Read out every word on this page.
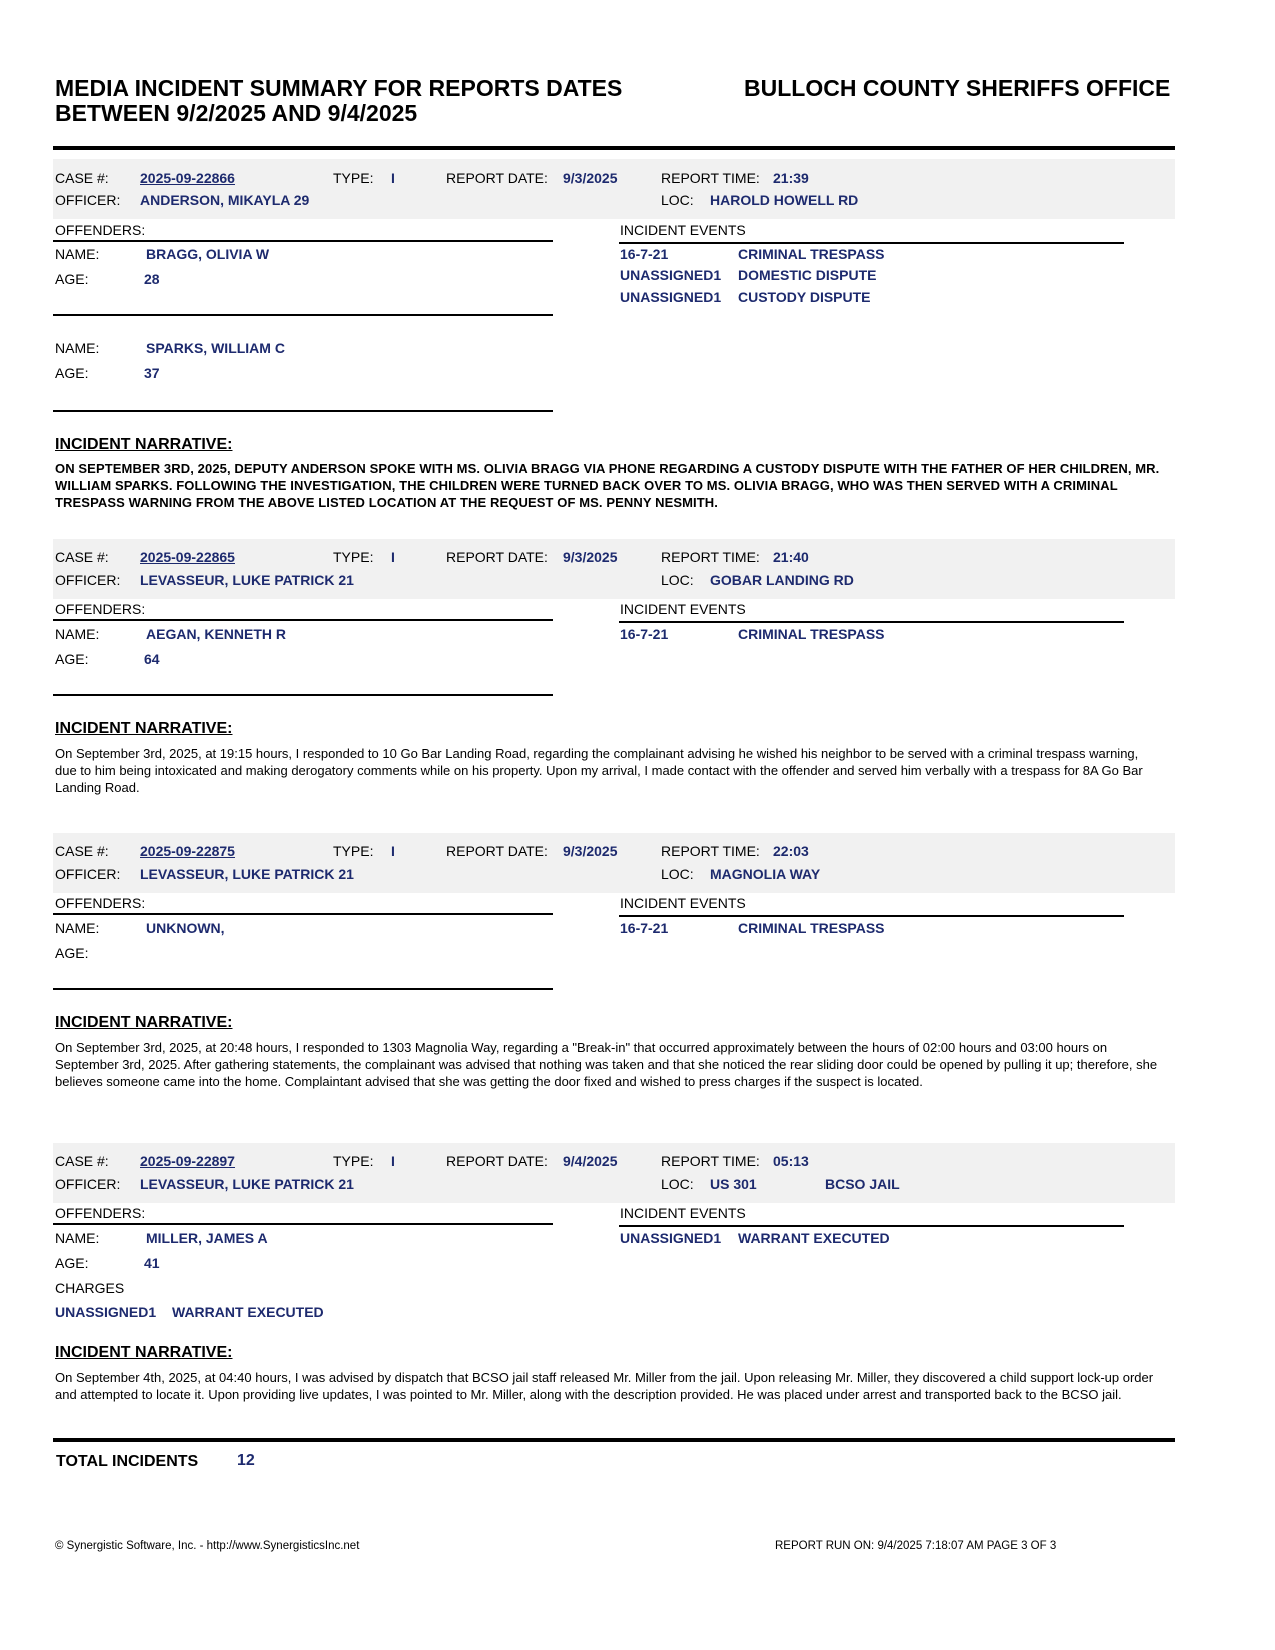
MEDIA INCIDENT SUMMARY FOR REPORTS DATES
BETWEEN 9/2/2025 AND 9/4/2025
BULLOCH COUNTY SHERIFFS OFFICE
CASE #: 2025-09-22866	TYPE: I	REPORT DATE: 9/3/2025	REPORT TIME: 21:39
OFFICER: ANDERSON, MIKAYLA 29	LOC: HAROLD HOWELL RD
OFFENDERS:	INCIDENT EVENTS
NAME:	BRAGG, OLIVIA W
AGE:	28
NAME:	SPARKS, WILLIAM C
AGE:	37
16-7-21	CRIMINAL TRESPASS
UNASSIGNED1 DOMESTIC DISPUTE
UNASSIGNED1 CUSTODY DISPUTE
INCIDENT NARRATIVE:
ON SEPTEMBER 3RD, 2025, DEPUTY ANDERSON SPOKE WITH MS. OLIVIA BRAGG VIA PHONE REGARDING A CUSTODY DISPUTE WITH THE FATHER OF HER CHILDREN, MR. WILLIAM SPARKS. FOLLOWING THE INVESTIGATION, THE CHILDREN WERE TURNED BACK OVER TO MS. OLIVIA BRAGG, WHO WAS THEN SERVED WITH A CRIMINAL TRESPASS WARNING FROM THE ABOVE LISTED LOCATION AT THE REQUEST OF MS. PENNY NESMITH.
CASE #: 2025-09-22865	TYPE: I	REPORT DATE: 9/3/2025	REPORT TIME: 21:40
OFFICER: LEVASSEUR, LUKE PATRICK 21	LOC: GOBAR LANDING RD
OFFENDERS:	INCIDENT EVENTS
NAME:	AEGAN, KENNETH R
AGE:	64
16-7-21	CRIMINAL TRESPASS
INCIDENT NARRATIVE:
On September 3rd, 2025, at 19:15 hours, I responded to 10 Go Bar Landing Road, regarding the complainant advising he wished his neighbor to be served with a criminal trespass warning, due to him being intoxicated and making derogatory comments while on his property. Upon my arrival, I made contact with the offender and served him verbally with a trespass for 8A Go Bar Landing Road.
CASE #: 2025-09-22875	TYPE: I	REPORT DATE: 9/3/2025	REPORT TIME: 22:03
OFFICER: LEVASSEUR, LUKE PATRICK 21	LOC: MAGNOLIA WAY
OFFENDERS:	INCIDENT EVENTS
NAME:	UNKNOWN,
AGE:
16-7-21	CRIMINAL TRESPASS
INCIDENT NARRATIVE:
On September 3rd, 2025, at 20:48 hours, I responded to 1303 Magnolia Way, regarding a "Break-in" that occurred approximately between the hours of 02:00 hours and 03:00 hours on September 3rd, 2025. After gathering statements, the complainant was advised that nothing was taken and that she noticed the rear sliding door could be opened by pulling it up; therefore, she believes someone came into the home. Complaintant advised that she was getting the door fixed and wished to press charges if the suspect is located.
CASE #: 2025-09-22897	TYPE: I	REPORT DATE: 9/4/2025	REPORT TIME: 05:13
OFFICER: LEVASSEUR, LUKE PATRICK 21	LOC: US 301	BCSO JAIL
OFFENDERS:	INCIDENT EVENTS
NAME:	MILLER, JAMES A
AGE:	41
CHARGES
UNASSIGNED1 WARRANT EXECUTED
UNASSIGNED1 WARRANT EXECUTED
INCIDENT NARRATIVE:
On September 4th, 2025, at 04:40 hours, I was advised by dispatch that BCSO jail staff released Mr. Miller from the jail. Upon releasing Mr. Miller, they discovered a child support lock-up order and attempted to locate it. Upon providing live updates, I was pointed to Mr. Miller, along with the description provided. He was placed under arrest and transported back to the BCSO jail.
TOTAL INCIDENTS 12
© Synergistic Software, Inc. - http://www.SynergisticsInc.net	REPORT RUN ON: 9/4/2025 7:18:07 AM PAGE 3 OF 3
